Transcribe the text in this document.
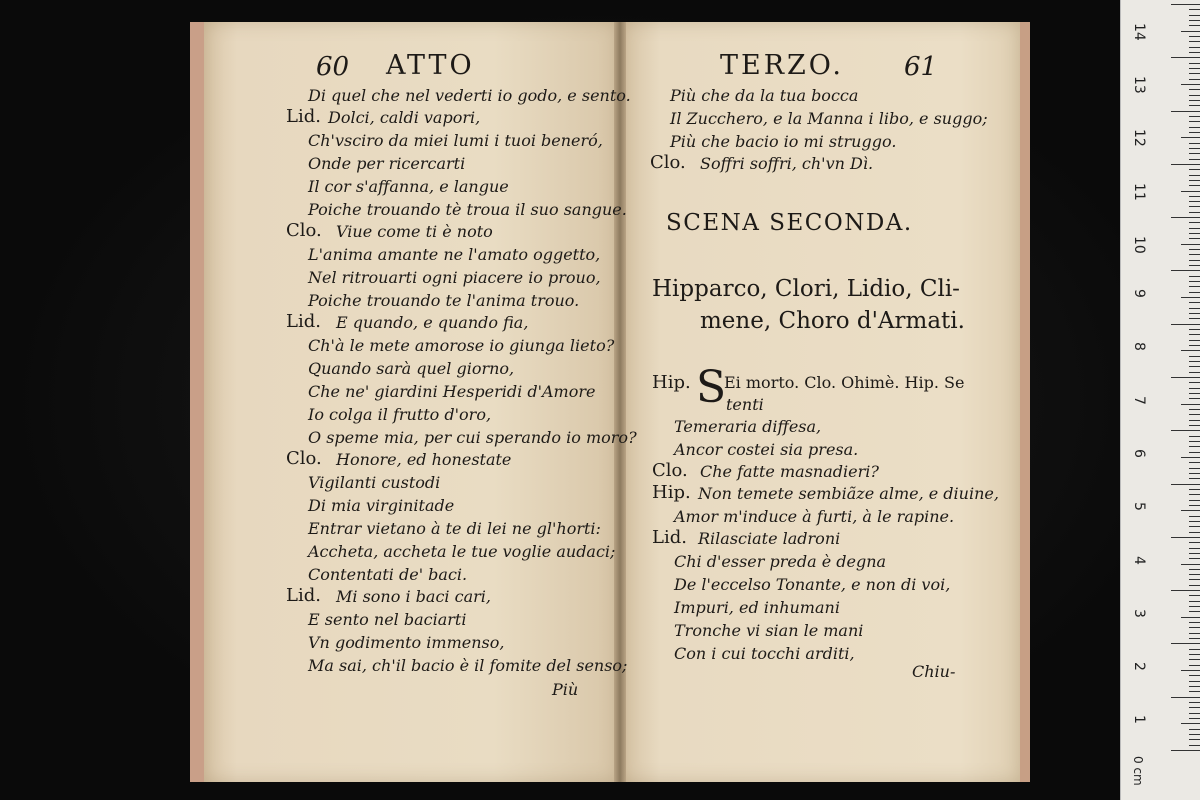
60 ATTO
Di quel che nel vederti io godo, e sento.
Lid. Dolci, caldi vapori,
Ch'vsciro da miei lumi i tuoi beneró,
Onde per ricercarti
Il cor s'affanna, e langue
Poiche trouando tè troua il suo sangue.
Clo. Viue come ti è noto
L'anima amante ne l'amato oggetto,
Nel ritrouarti ogni piacere io prouo,
Poiche trouando te l'anima trouo.
Lid. E quando, e quando fia,
Ch'à le mete amorose io giunga lieto?
Quando sarà quel giorno,
Che ne' giardini Hesperidi d'Amore
Io colga il frutto d'oro,
O speme mia, per cui sperando io moro?
Clo. Honore, ed honestate
Vigilanti custodi
Di mia virginitade
Entrar vietano à te di lei ne gl'horti:
Accheta, accheta le tue voglie audaci;
Contentati de' baci.
Lid. Mi sono i baci cari,
E sento nel baciarti
Vn godimento immenso,
Ma sai, ch'il bacio è il fomite del senso;
Più
TERZO. 61
Più che da la tua bocca
Il Zucchero, e la Manna i libo, e suggo;
Più che bacio io mi struggo.
Clo. Soffri soffri, ch'vn Dì.
SCENA SECONDA.
Hipparco, Clori, Lidio, Cli-
mene, Choro d'Armati.
Hip. S
Ei morto. Clo. Ohimè. Hip. Se
tenti
Temeraria diffesa,
Ancor costei sia presa.
Clo. Che fatte masnadieri?
Hip. Non temete sembiãze alme, e diuine,
Amor m'induce à furti, à le rapine.
Lid. Rilasciate ladroni
Chi d'esser preda è degna
De l'eccelso Tonante, e non di voi,
Impuri, ed inhumani
Tronche vi sian le mani
Con i cui tocchi arditi,
Chiu-
14
13
12
11
10
9
8
7
6
5
4
3
2
1
0 cm
